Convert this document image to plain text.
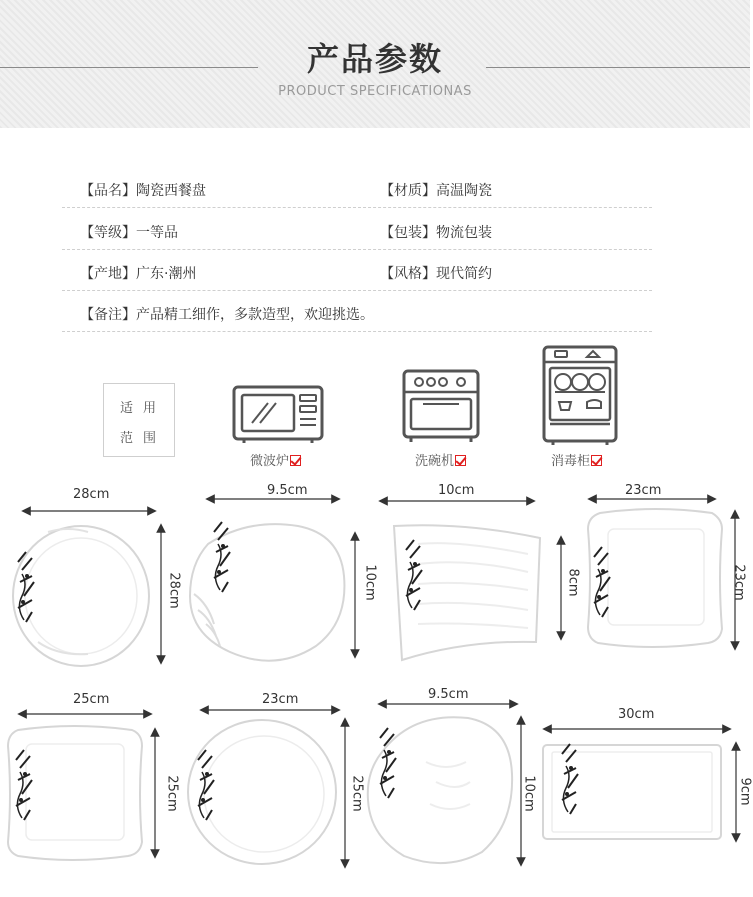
产品参数
PRODUCT SPECIFICATIONAS
【品名】陶瓷西餐盘	【材质】高温陶瓷
【等级】一等品	【包装】物流包装
【产地】广东·潮州	【风格】现代简约
【备注】产品精工细作，多款造型，欢迎挑选。
适用
范围
微波炉	洗碗机	消毒柜
28cm
28cm
9.5cm
10cm
10cm
8cm
23cm
23cm
25cm
25cm
23cm
25cm
9.5cm
10cm
30cm
9cm
